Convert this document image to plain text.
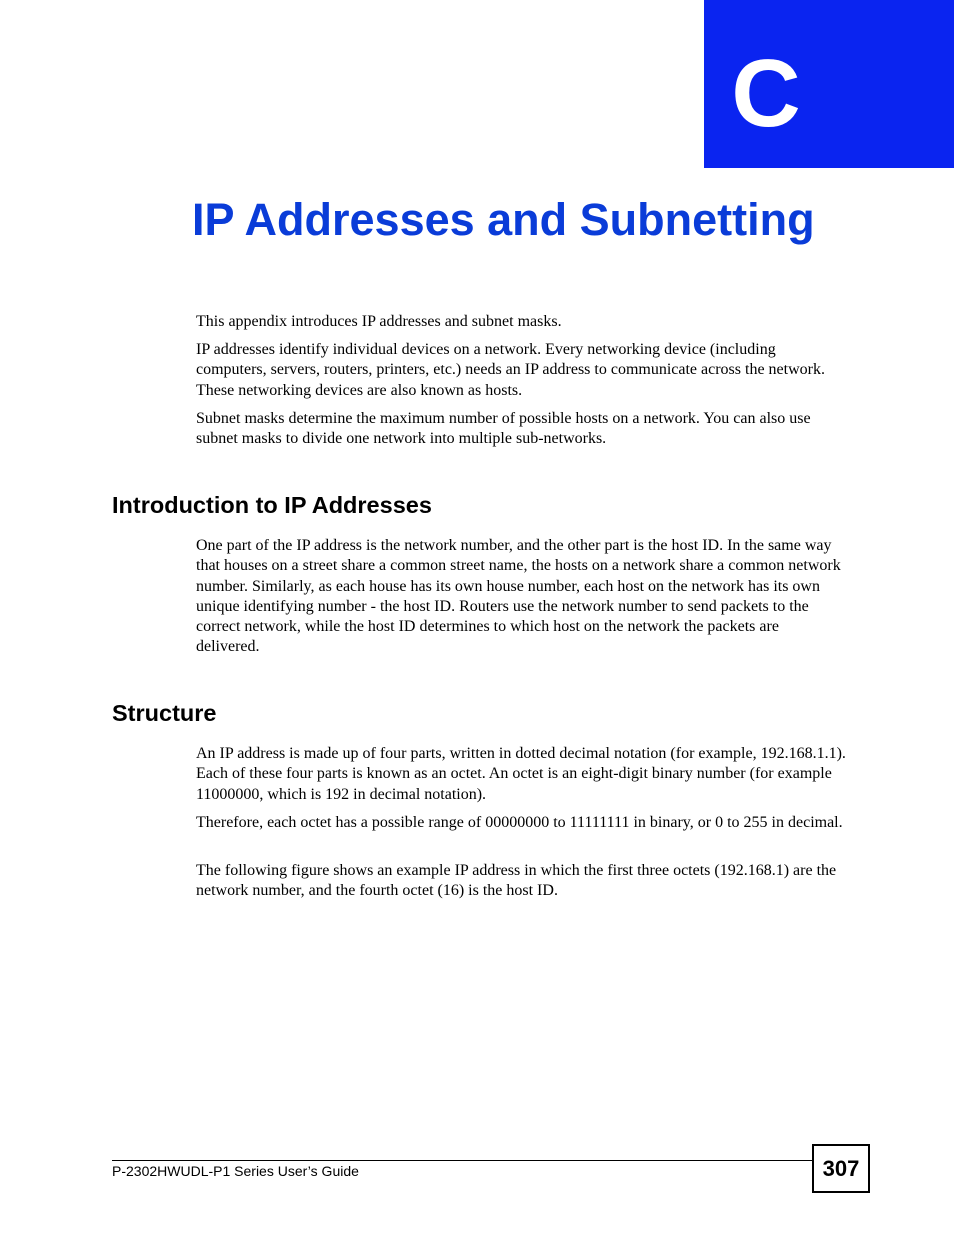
C
IP Addresses and Subnetting

This appendix introduces IP addresses and subnet masks.

IP addresses identify individual devices on a network. Every networking device (including computers, servers, routers, printers, etc.) needs an IP address to communicate across the network. These networking devices are also known as hosts.

Subnet masks determine the maximum number of possible hosts on a network. You can also use subnet masks to divide one network into multiple sub-networks.

Introduction to IP Addresses

One part of the IP address is the network number, and the other part is the host ID. In the same way that houses on a street share a common street name, the hosts on a network share a common network number. Similarly, as each house has its own house number, each host on the network has its own unique identifying number - the host ID. Routers use the network number to send packets to the correct network, while the host ID determines to which host on the network the packets are delivered.

Structure

An IP address is made up of four parts, written in dotted decimal notation (for example, 192.168.1.1). Each of these four parts is known as an octet. An octet is an eight-digit binary number (for example 11000000, which is 192 in decimal notation).

Therefore, each octet has a possible range of 00000000 to 11111111 in binary, or 0 to 255 in decimal.

The following figure shows an example IP address in which the first three octets (192.168.1) are the network number, and the fourth octet (16) is the host ID.

P-2302HWUDL-P1 Series User’s Guide	307
